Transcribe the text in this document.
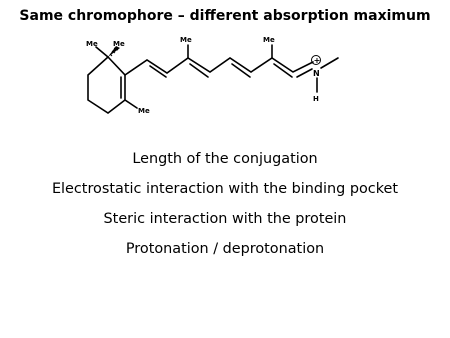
Same chromophore – different absorption maximum
Me Me	Me	Me
Me
N
H
+
Length of the conjugation
Electrostatic interaction with the binding pocket
Steric interaction with the protein
Protonation / deprotonation
